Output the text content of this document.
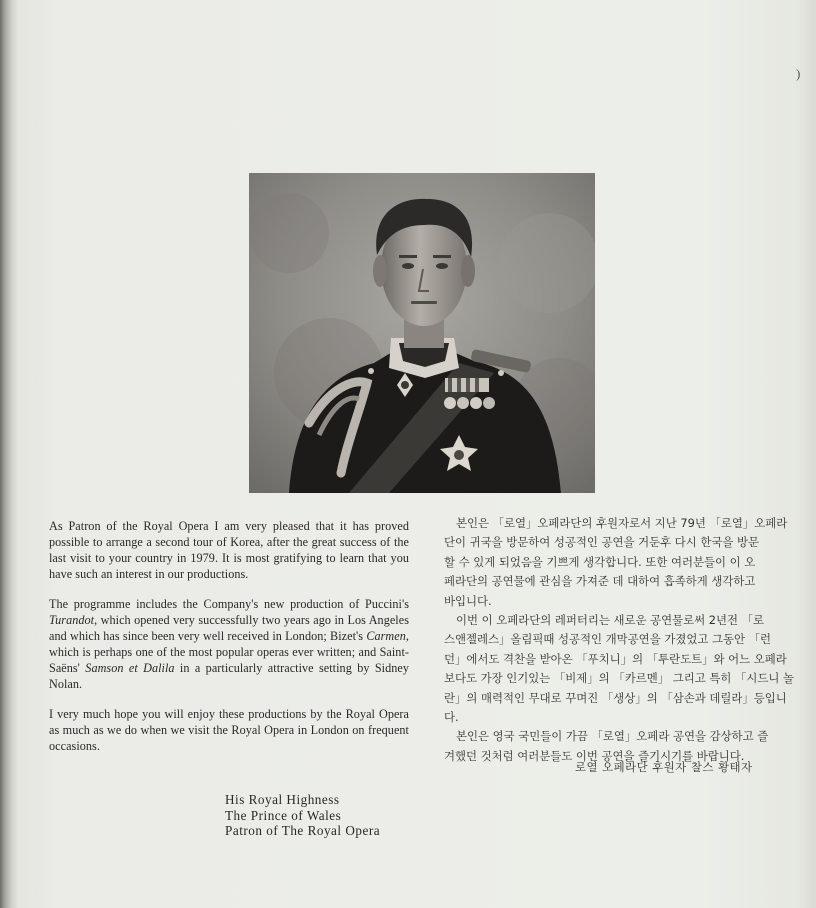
)

As Patron of the Royal Opera I am very pleased that it has proved possible to arrange a second tour of Korea, after the great success of the last visit to your country in 1979. It is most gratifying to learn that you have such an interest in our productions.

The programme includes the Company's new production of Puccini's Turandot, which opened very successfully two years ago in Los Angeles and which has since been very well received in London; Bizet's Carmen, which is perhaps one of the most popular operas ever written; and Saint-Saëns' Samson et Dalila in a particularly attractive setting by Sidney Nolan.

I very much hope you will enjoy these productions by the Royal Opera as much as we do when we visit the Royal Opera in London on frequent occasions.

His Royal Highness
The Prince of Wales
Patron of The Royal Opera

본인은 「로열」오페라단의 후원자로서 지난 79년 「로열」오페라

단이 귀국을 방문하여 성공적인 공연을 거둔후 다시 한국을 방문

할 수 있게 되었음을 기쁘게 생각합니다. 또한 여러분들이 이 오

페라단의 공연물에 관심을 가져준 데 대하여 흡족하게 생각하고

바입니다.

이번 이 오페라단의 레퍼터리는 새로운 공연물로써 2년전 「로

스앤젤레스」올림픽때 성공적인 개막공연을 가졌었고 그동안 「런

던」에서도 격찬을 받아온 「푸치니」의 「투란도트」와 어느 오페라

보다도 가장 인기있는 「비제」의 「카르멘」 그리고 특히 「시드니 놀

란」의 매력적인 무대로 꾸며진 「생상」의 「삼손과 데릴라」등입니

다.

본인은 영국 국민들이 가끔 「로열」오페라 공연을 감상하고 즐

겨했던 것처럼 여러분들도 이번 공연을 즐기시기를 바랍니다.

로열 오페라단 후원자 찰스 황태자
